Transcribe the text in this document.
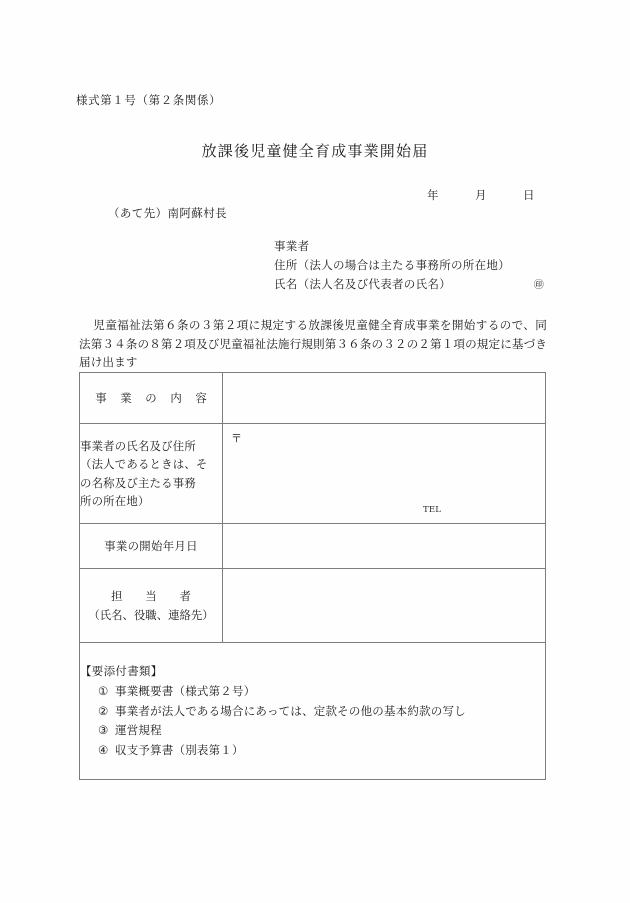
様式第１号（第２条関係）
放課後児童健全育成事業開始届
年	月	日
（あて先）南阿蘇村長
事業者
住所（法人の場合は主たる事務所の所在地）
氏名（法人名及び代表者の氏名）	㊞
児童福祉法第６条の３第２項に規定する放課後児童健全育成事業を開始するので、同法第３４条の８第２項及び児童福祉法施行規則第３６条の３２の２第１項の規定に基づき届け出ます
事 業 の 内 容	

事業者の氏名及び住所
（法人であるときは、そ
の名称及び主たる事務
所の所在地）

〒
TEL

事業の開始年月日	

担　　当　　者
（氏名、役職、連絡先）	

【要添付書類】
① 事業概要書（様式第２号）
② 事業者が法人である場合にあっては、定款その他の基本約款の写し
③ 運営規程
④ 収支予算書（別表第１）
